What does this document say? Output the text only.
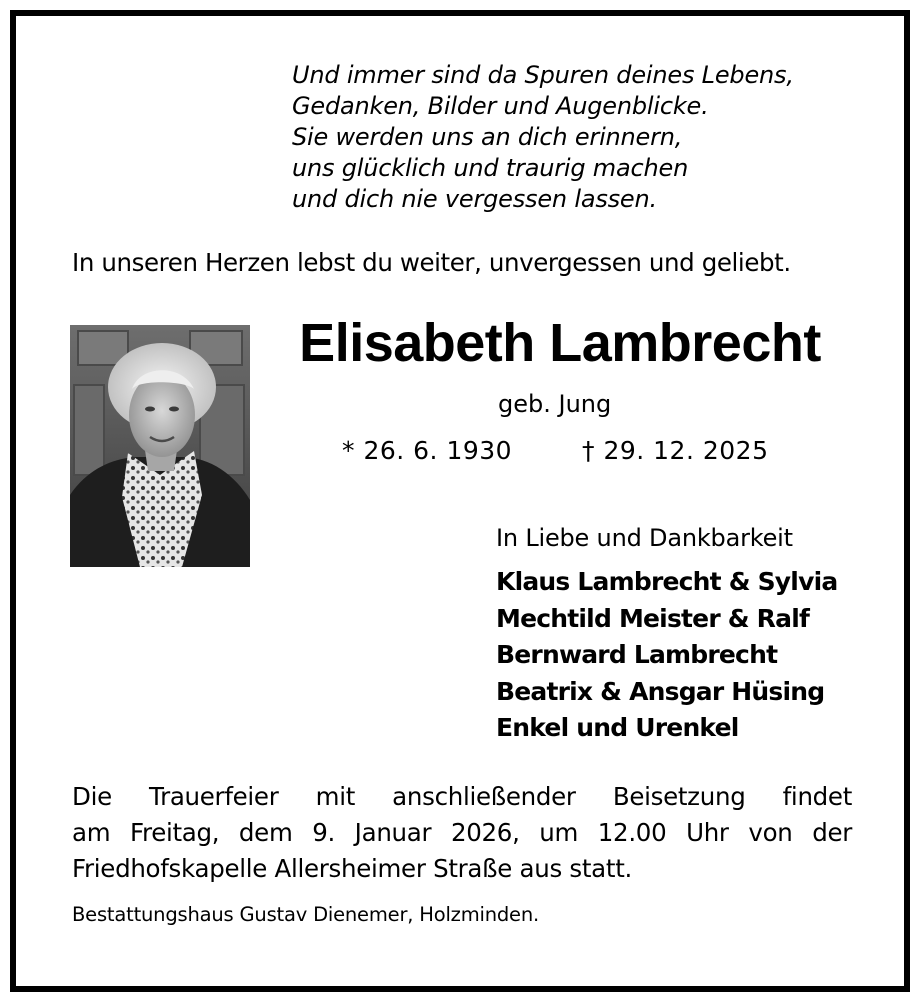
Und immer sind da Spuren deines Lebens,
Gedanken, Bilder und Augenblicke.
Sie werden uns an dich erinnern,
uns glücklich und traurig machen
und dich nie vergessen lassen.
In unseren Herzen lebst du weiter, unvergessen und geliebt.
Elisabeth Lambrecht
geb. Jung
* 26. 6. 1930	† 29. 12. 2025
In Liebe und Dankbarkeit
Klaus Lambrecht & Sylvia
Mechtild Meister & Ralf
Bernward Lambrecht
Beatrix & Ansgar Hüsing
Enkel und Urenkel
Die Trauerfeier mit anschließender Beisetzung findet
am Freitag, dem 9. Januar 2026, um 12.00 Uhr von der
Friedhofskapelle Allersheimer Straße aus statt.
Bestattungshaus Gustav Dienemer, Holzminden.
